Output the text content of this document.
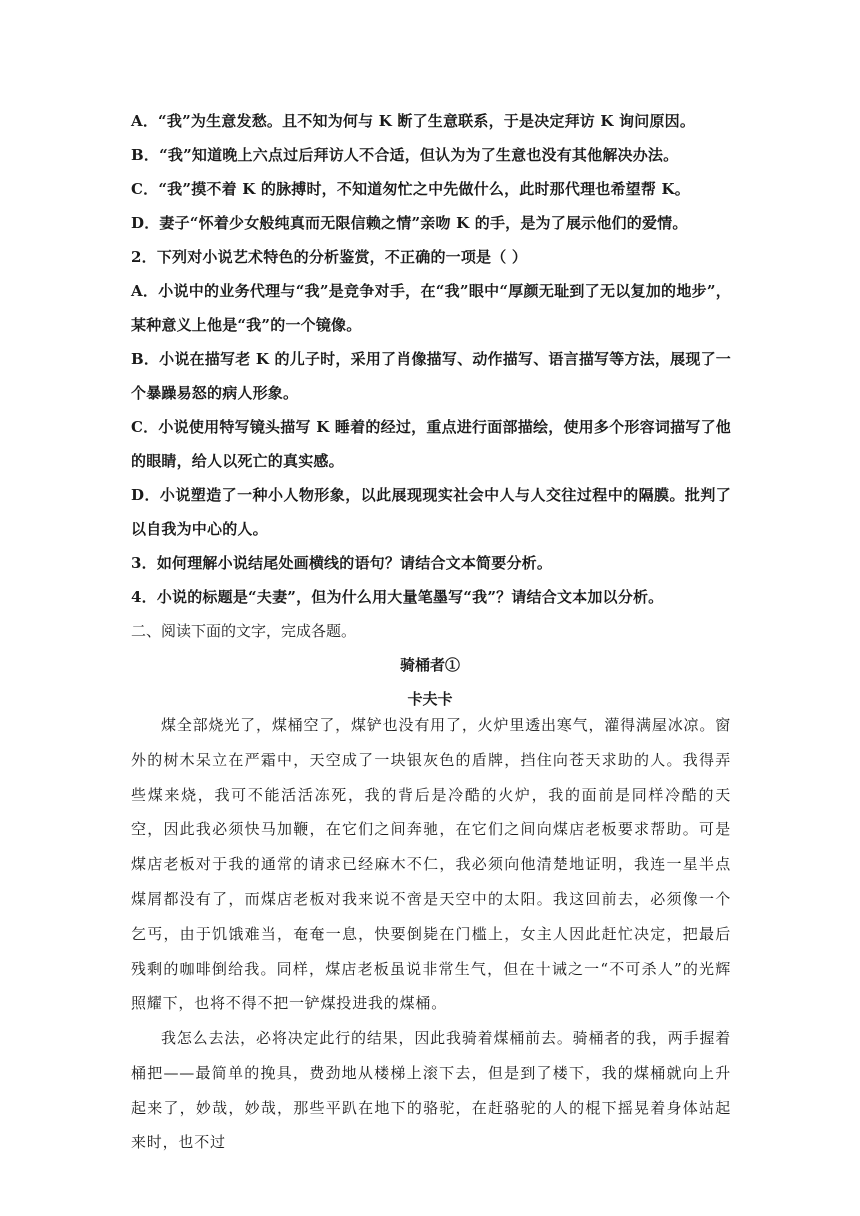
A．“我”为生意发愁。且不知为何与 K 断了生意联系，于是决定拜访 K 询问原因。
B．“我”知道晚上六点过后拜访人不合适，但认为为了生意也没有其他解决办法。
C．“我”摸不着 K 的脉搏时，不知道匆忙之中先做什么，此时那代理也希望帮 K。
D．妻子“怀着少女般纯真而无限信赖之情”亲吻 K 的手，是为了展示他们的爱情。
2．下列对小说艺术特色的分析鉴赏，不正确的一项是（ ）
A．小说中的业务代理与“我”是竞争对手，在“我”眼中“厚颜无耻到了无以复加的地步”，某种意义上他是“我”的一个镜像。
B．小说在描写老 K 的儿子时，采用了肖像描写、动作描写、语言描写等方法，展现了一个暴躁易怒的病人形象。
C．小说使用特写镜头描写 K 睡着的经过，重点进行面部描绘，使用多个形容词描写了他的眼睛，给人以死亡的真实感。
D．小说塑造了一种小人物形象，以此展现现实社会中人与人交往过程中的隔膜。批判了以自我为中心的人。
3．如何理解小说结尾处画横线的语句？请结合文本简要分析。
4．小说的标题是“夫妻”，但为什么用大量笔墨写“我”？请结合文本加以分析。
二、阅读下面的文字，完成各题。
骑桶者①
卡夫卡
煤全部烧光了，煤桶空了，煤铲也没有用了，火炉里透出寒气，灌得满屋冰凉。窗外的树木呆立在严霜中，天空成了一块银灰色的盾牌，挡住向苍天求助的人。我得弄些煤来烧，我可不能活活冻死，我的背后是冷酷的火炉，我的面前是同样冷酷的天空，因此我必须快马加鞭，在它们之间奔驰，在它们之间向煤店老板要求帮助。可是煤店老板对于我的通常的请求已经麻木不仁，我必须向他清楚地证明，我连一星半点煤屑都没有了，而煤店老板对我来说不啻是天空中的太阳。我这回前去，必须像一个乞丐，由于饥饿难当，奄奄一息，快要倒毙在门槛上，女主人因此赶忙决定，把最后残剩的咖啡倒给我。同样，煤店老板虽说非常生气，但在十诫之一“不可杀人”的光辉照耀下，也将不得不把一铲煤投进我的煤桶。
我怎么去法，必将决定此行的结果，因此我骑着煤桶前去。骑桶者的我，两手握着桶把——最简单的挽具，费劲地从楼梯上滚下去，但是到了楼下，我的煤桶就向上升起来了，妙哉，妙哉，那些平趴在地下的骆驼，在赶骆驼的人的棍下摇晃着身体站起来时，也不过
